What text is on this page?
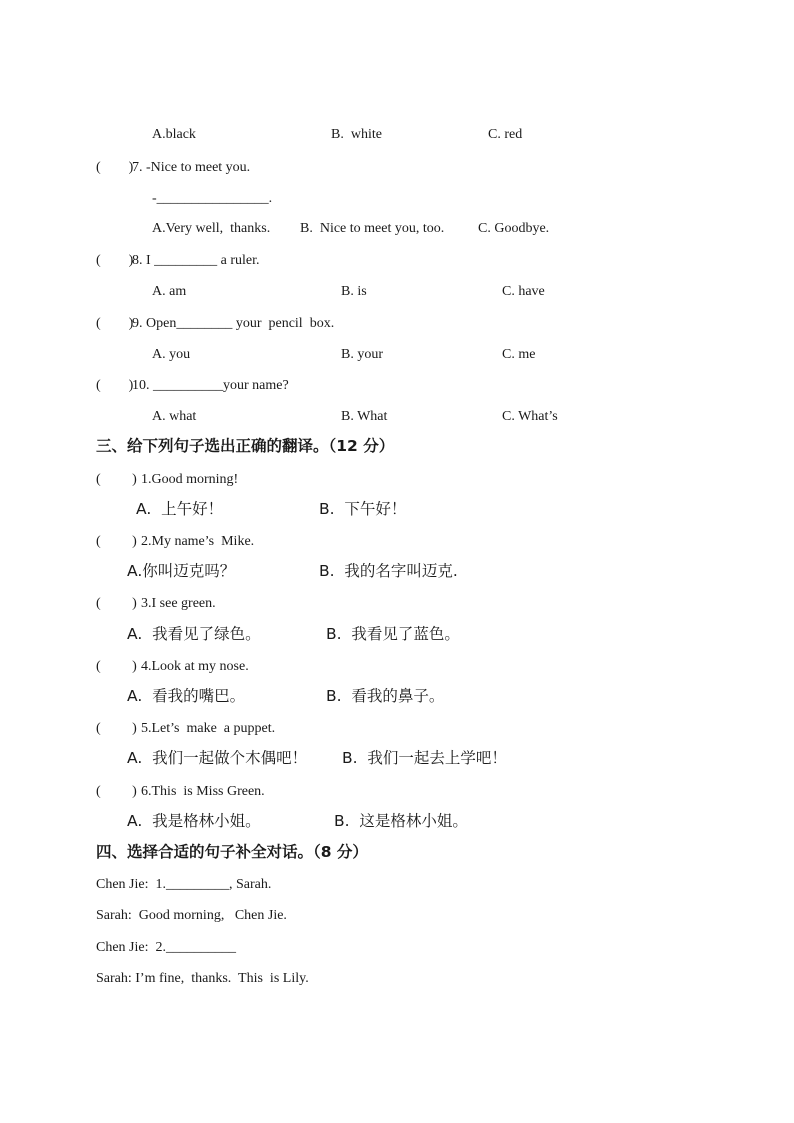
A.black	B.  white	C. red
(        )
7. -Nice to meet you.
-________________.
A.Very well,  thanks. B.  Nice to meet you, too. C. Goodbye.
(        )
8. I _________ a ruler.
A. am	B. is	C. have
(        )
9. Open________ your  pencil  box.
A. you	B. your	C. me
(        )
10. __________your name?
A. what	B. What	C. What’s
三、给下列句子选出正确的翻译。（12 分）
(         ) 1.Good morning!
A.  上午好！	B.  下午好！
(         ) 2.My name’s  Mike.
A.你叫迈克吗？	B.  我的名字叫迈克.
(         ) 3.I see green.
A.  我看见了绿色。	B.  我看见了蓝色。
(         ) 4.Look at my nose.
A.  看我的嘴巴。	B.  看我的鼻子。
(         ) 5.Let’s  make  a puppet.
A.  我们一起做个木偶吧！ B.  我们一起去上学吧！
(         ) 6.This  is Miss Green.
A.  我是格林小姐。	B.  这是格林小姐。
四、选择合适的句子补全对话。（8 分）
Chen Jie:  1._________, Sarah.
Sarah:  Good morning,   Chen Jie.
Chen Jie:  2.__________
Sarah: I’m fine,  thanks.  This  is Lily.
